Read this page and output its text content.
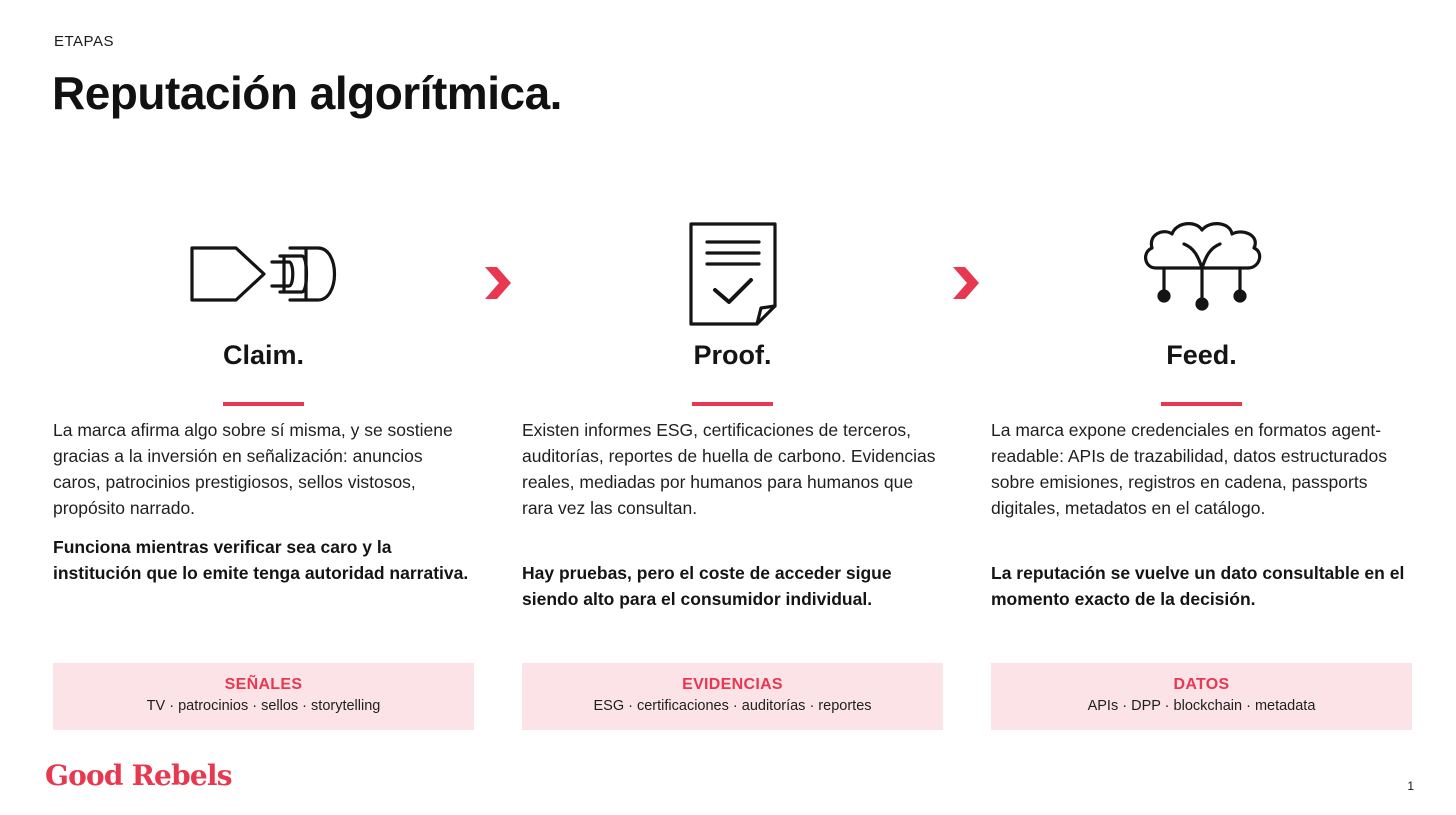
ETAPAS
Reputación algorítmica.
Claim.

La marca afirma algo sobre sí misma, y se sostiene gracias a la inversión en señalización: anuncios caros, patrocinios prestigiosos, sellos vistosos, propósito narrado.

Funciona mientras verificar sea caro y la institución que lo emite tenga autoridad narrativa.

SEÑALES
TV · patrocinios · sellos · storytelling
Proof.

Existen informes ESG, certificaciones de terceros, auditorías, reportes de huella de carbono. Evidencias reales, mediadas por humanos para humanos que rara vez las consultan.

Hay pruebas, pero el coste de acceder sigue siendo alto para el consumidor individual.

EVIDENCIAS
ESG · certificaciones · auditorías · reportes
Feed.

La marca expone credenciales en formatos agent-readable: APIs de trazabilidad, datos estructurados sobre emisiones, registros en cadena, passports digitales, metadatos en el catálogo.

La reputación se vuelve un dato consultable en el momento exacto de la decisión.

DATOS
APIs · DPP · blockchain · metadata
Good Rebels	1
